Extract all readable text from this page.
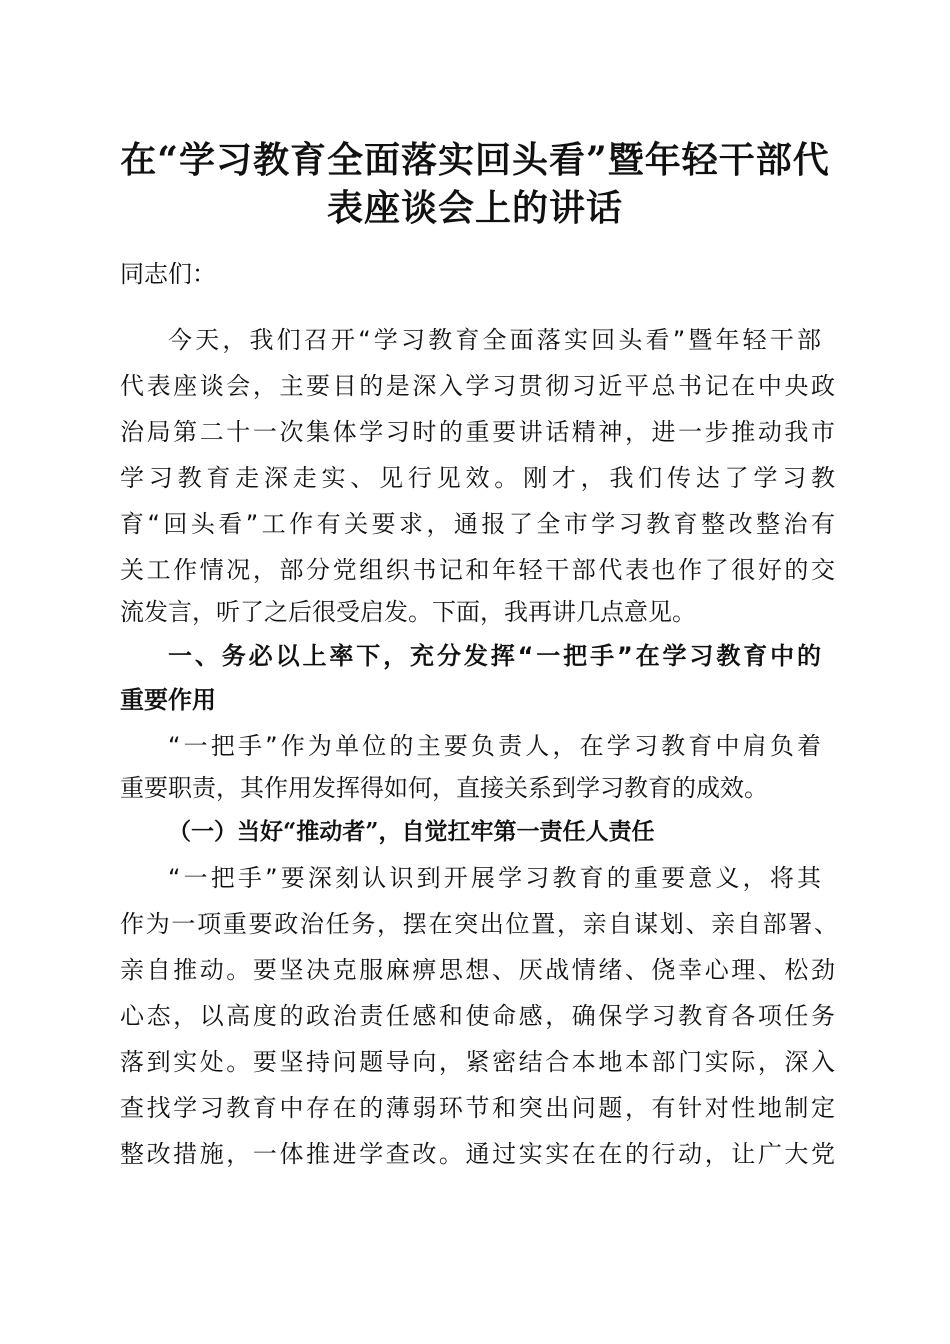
在“学习教育全面落实回头看”暨年轻干部代
表座谈会上的讲话
同志们：
今天，我们召开“学习教育全面落实回头看”暨年轻干部
代表座谈会，主要目的是深入学习贯彻习近平总书记在中央政
治局第二十一次集体学习时的重要讲话精神，进一步推动我市
学习教育走深走实、见行见效。刚才，我们传达了学习教
育“回头看”工作有关要求，通报了全市学习教育整改整治有
关工作情况，部分党组织书记和年轻干部代表也作了很好的交
流发言，听了之后很受启发。下面，我再讲几点意见。
一、务必以上率下，充分发挥“一把手”在学习教育中的
重要作用
“一把手”作为单位的主要负责人，在学习教育中肩负着
重要职责，其作用发挥得如何，直接关系到学习教育的成效。
（一）当好“推动者”，自觉扛牢第一责任人责任
“一把手”要深刻认识到开展学习教育的重要意义，将其
作为一项重要政治任务，摆在突出位置，亲自谋划、亲自部署、
亲自推动。要坚决克服麻痹思想、厌战情绪、侥幸心理、松劲
心态，以高度的政治责任感和使命感，确保学习教育各项任务
落到实处。要坚持问题导向，紧密结合本地本部门实际，深入
查找学习教育中存在的薄弱环节和突出问题，有针对性地制定
整改措施，一体推进学查改。通过实实在在的行动，让广大党
